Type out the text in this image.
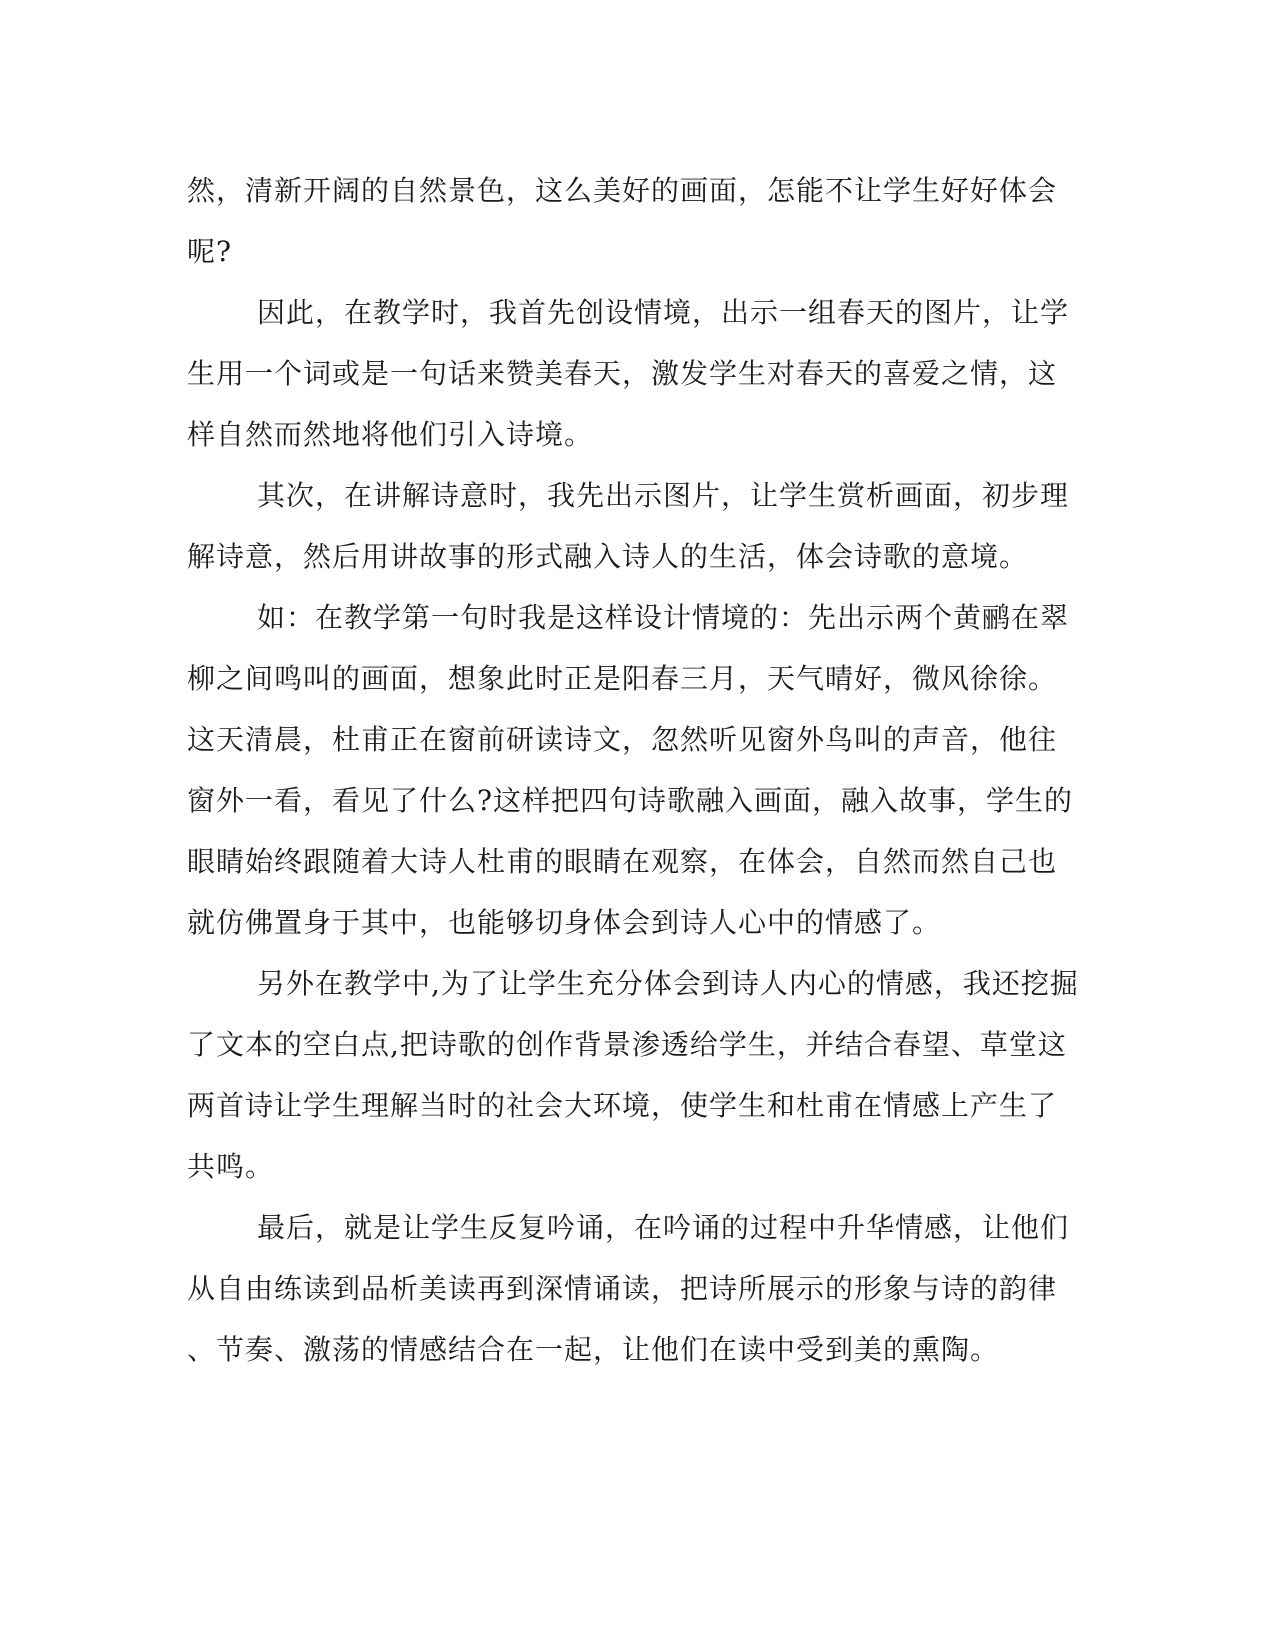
然，清新开阔的自然景色，这么美好的画面，怎能不让学生好好体会
呢?
因此，在教学时，我首先创设情境，出示一组春天的图片，让学
生用一个词或是一句话来赞美春天，激发学生对春天的喜爱之情，这
样自然而然地将他们引入诗境。
其次，在讲解诗意时，我先出示图片，让学生赏析画面，初步理
解诗意，然后用讲故事的形式融入诗人的生活，体会诗歌的意境。
如：在教学第一句时我是这样设计情境的：先出示两个黄鹂在翠
柳之间鸣叫的画面，想象此时正是阳春三月，天气晴好，微风徐徐。
这天清晨，杜甫正在窗前研读诗文，忽然听见窗外鸟叫的声音，他往
窗外一看，看见了什么?这样把四句诗歌融入画面，融入故事，学生的
眼睛始终跟随着大诗人杜甫的眼睛在观察，在体会，自然而然自己也
就仿佛置身于其中，也能够切身体会到诗人心中的情感了。
另外在教学中,为了让学生充分体会到诗人内心的情感，我还挖掘
了文本的空白点,把诗歌的创作背景渗透给学生，并结合春望、草堂这
两首诗让学生理解当时的社会大环境，使学生和杜甫在情感上产生了
共鸣。
最后，就是让学生反复吟诵，在吟诵的过程中升华情感，让他们
从自由练读到品析美读再到深情诵读，把诗所展示的形象与诗的韵律
、节奏、激荡的情感结合在一起，让他们在读中受到美的熏陶。
